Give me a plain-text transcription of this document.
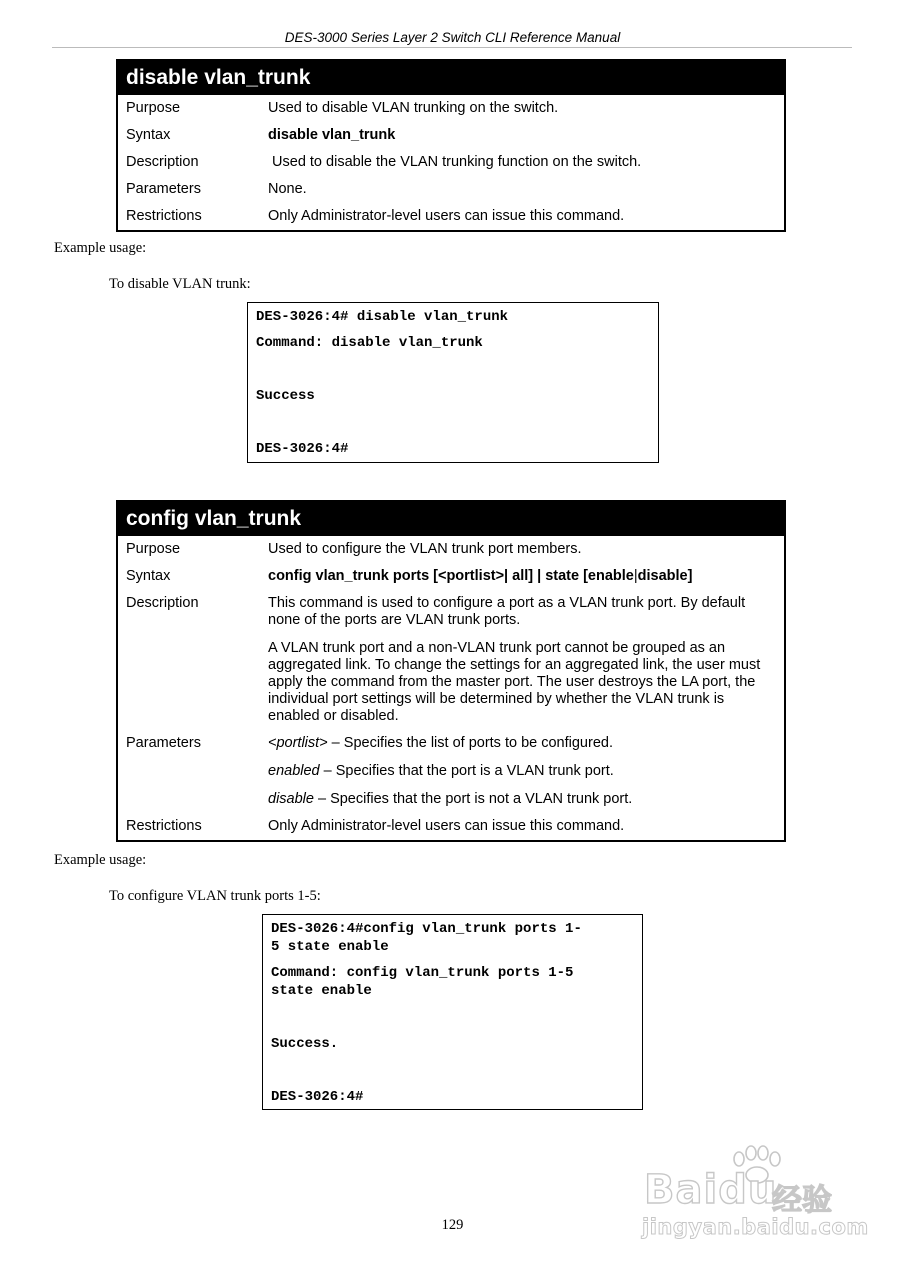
DES-3000 Series Layer 2 Switch CLI Reference Manual
disable vlan_trunk
Purpose	Used to disable VLAN trunking on the switch.
Syntax	disable vlan_trunk
Description	Used to disable the VLAN trunking function on the switch.
Parameters	None.
Restrictions	Only Administrator-level users can issue this command.
Example usage:
To disable VLAN trunk:
DES-3026:4# disable vlan_trunk
Command: disable vlan_trunk
Success
DES-3026:4#
config vlan_trunk
Purpose	Used to configure the VLAN trunk port members.
Syntax	config vlan_trunk ports [<portlist>| all] | state [enable|disable]
Description	This command is used to configure a port as a VLAN trunk port. By default none of the ports are VLAN trunk ports.

A VLAN trunk port and a non-VLAN trunk port cannot be grouped as an aggregated link. To change the settings for an aggregated link, the user must apply the command from the master port. The user destroys the LA port, the individual port settings will be determined by whether the VLAN trunk is enabled or disabled.

Parameters	<portlist> – Specifies the list of ports to be configured.

enabled – Specifies that the port is a VLAN trunk port.

disable – Specifies that the port is not a VLAN trunk port.

Restrictions	Only Administrator-level users can issue this command.
Example usage:
To configure VLAN trunk ports 1-5:
DES-3026:4#config vlan_trunk ports 1-
5 state enable
Command: config vlan_trunk ports 1-5
state enable
Success.
DES-3026:4#
129
Baidu
经验
jingyan.baidu.com
